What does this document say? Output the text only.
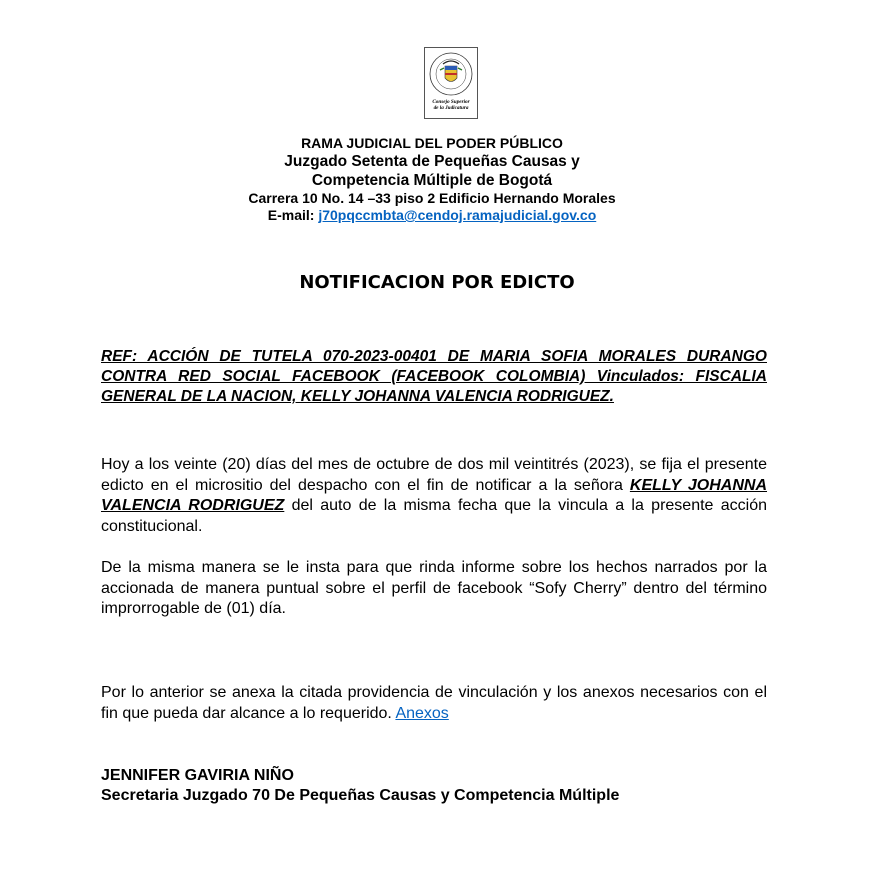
Consejo Superior
de la Judicatura
RAMA JUDICIAL DEL PODER PÚBLICO
Juzgado Setenta de Pequeñas Causas y
Competencia Múltiple de Bogotá
Carrera 10 No. 14 –33 piso 2 Edificio Hernando Morales
E-mail: j70pqccmbta@cendoj.ramajudicial.gov.co
NOTIFICACION POR EDICTO
REF: ACCIÓN DE TUTELA 070-2023-00401 DE MARIA SOFIA MORALES DURANGO CONTRA RED SOCIAL FACEBOOK (FACEBOOK COLOMBIA) Vinculados: FISCALIA GENERAL DE LA NACION, KELLY JOHANNA VALENCIA RODRIGUEZ.
Hoy a los veinte (20) días del mes de octubre de dos mil veintitrés (2023), se fija el presente edicto en el micrositio del despacho con el fin de notificar a la señora KELLY JOHANNA VALENCIA RODRIGUEZ del auto de la misma fecha que la vincula a la presente acción constitucional.
De la misma manera se le insta para que rinda informe sobre los hechos narrados por la accionada de manera puntual sobre el perfil de facebook “Sofy Cherry” dentro del término improrrogable de (01) día.
Por lo anterior se anexa la citada providencia de vinculación y los anexos necesarios con el fin que pueda dar alcance a lo requerido. Anexos
JENNIFER GAVIRIA NIÑO
Secretaria Juzgado 70 De Pequeñas Causas y Competencia Múltiple
